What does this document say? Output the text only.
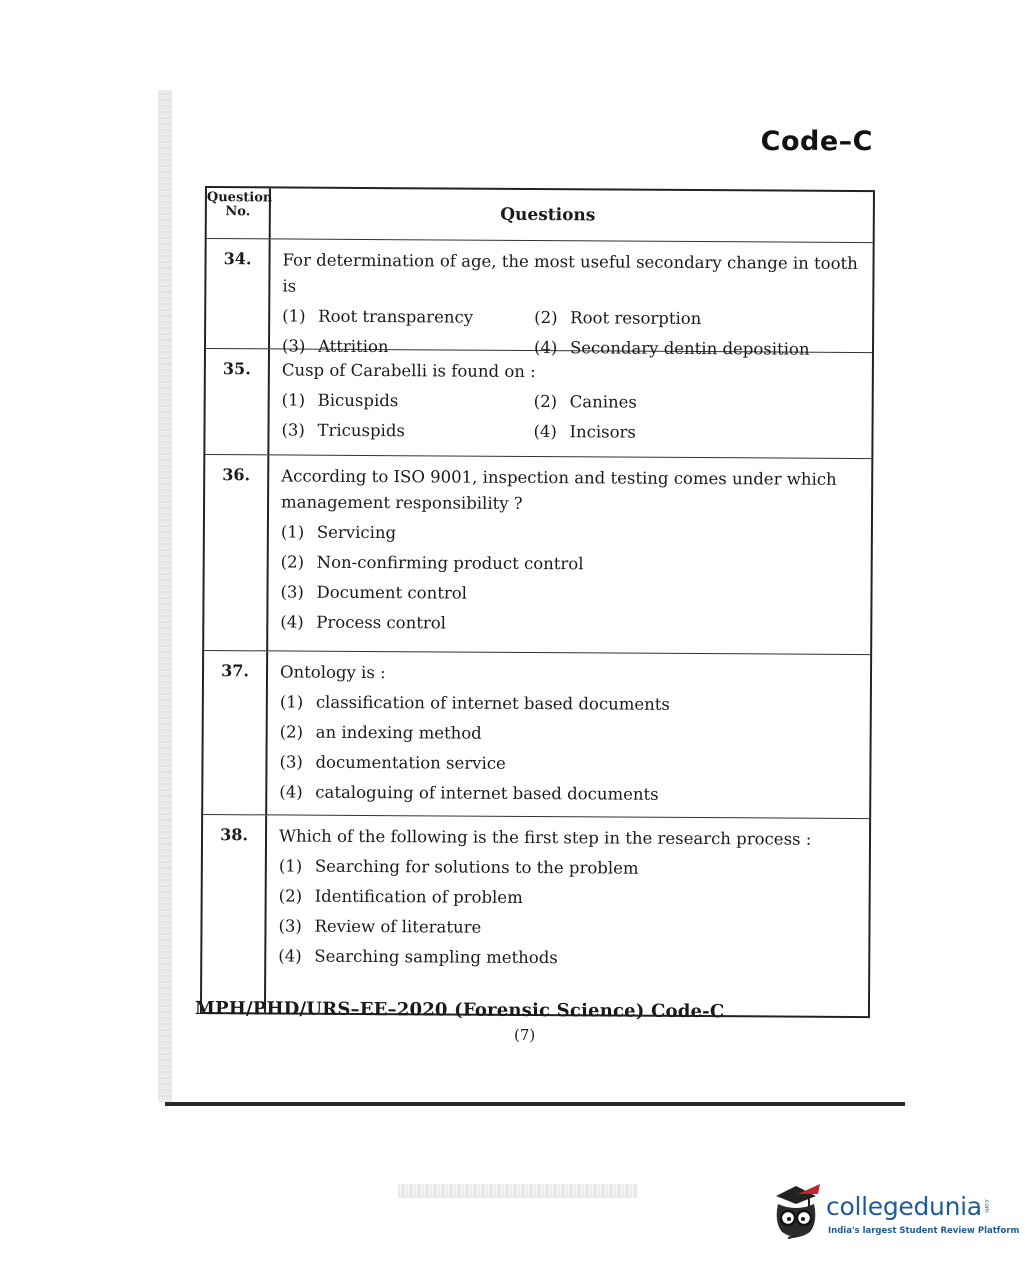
Code–C
Question
No.	Questions
34.	For determination of age, the most useful secondary change in tooth is
(1) Root transparency	(2) Root resorption
(3) Attrition	(4) Secondary dentin deposition
35.	Cusp of Carabelli is found on :
(1) Bicuspids	(2) Canines
(3) Tricuspids	(4) Incisors
36.	According to ISO 9001, inspection and testing comes under which management responsibility ?
(1) Servicing
(2) Non-confirming product control
(3) Document control
(4) Process control
37.	Ontology is :
(1) classification of internet based documents
(2) an indexing method
(3) documentation service
(4) cataloguing of internet based documents
38.	Which of the following is the first step in the research process :
(1) Searching for solutions to the problem
(2) Identification of problem
(3) Review of literature
(4) Searching sampling methods
MPH/PHD/URS–EE–2020 (Forensic Science) Code-C
(7)
collegedunia .com
India's largest Student Review Platform
